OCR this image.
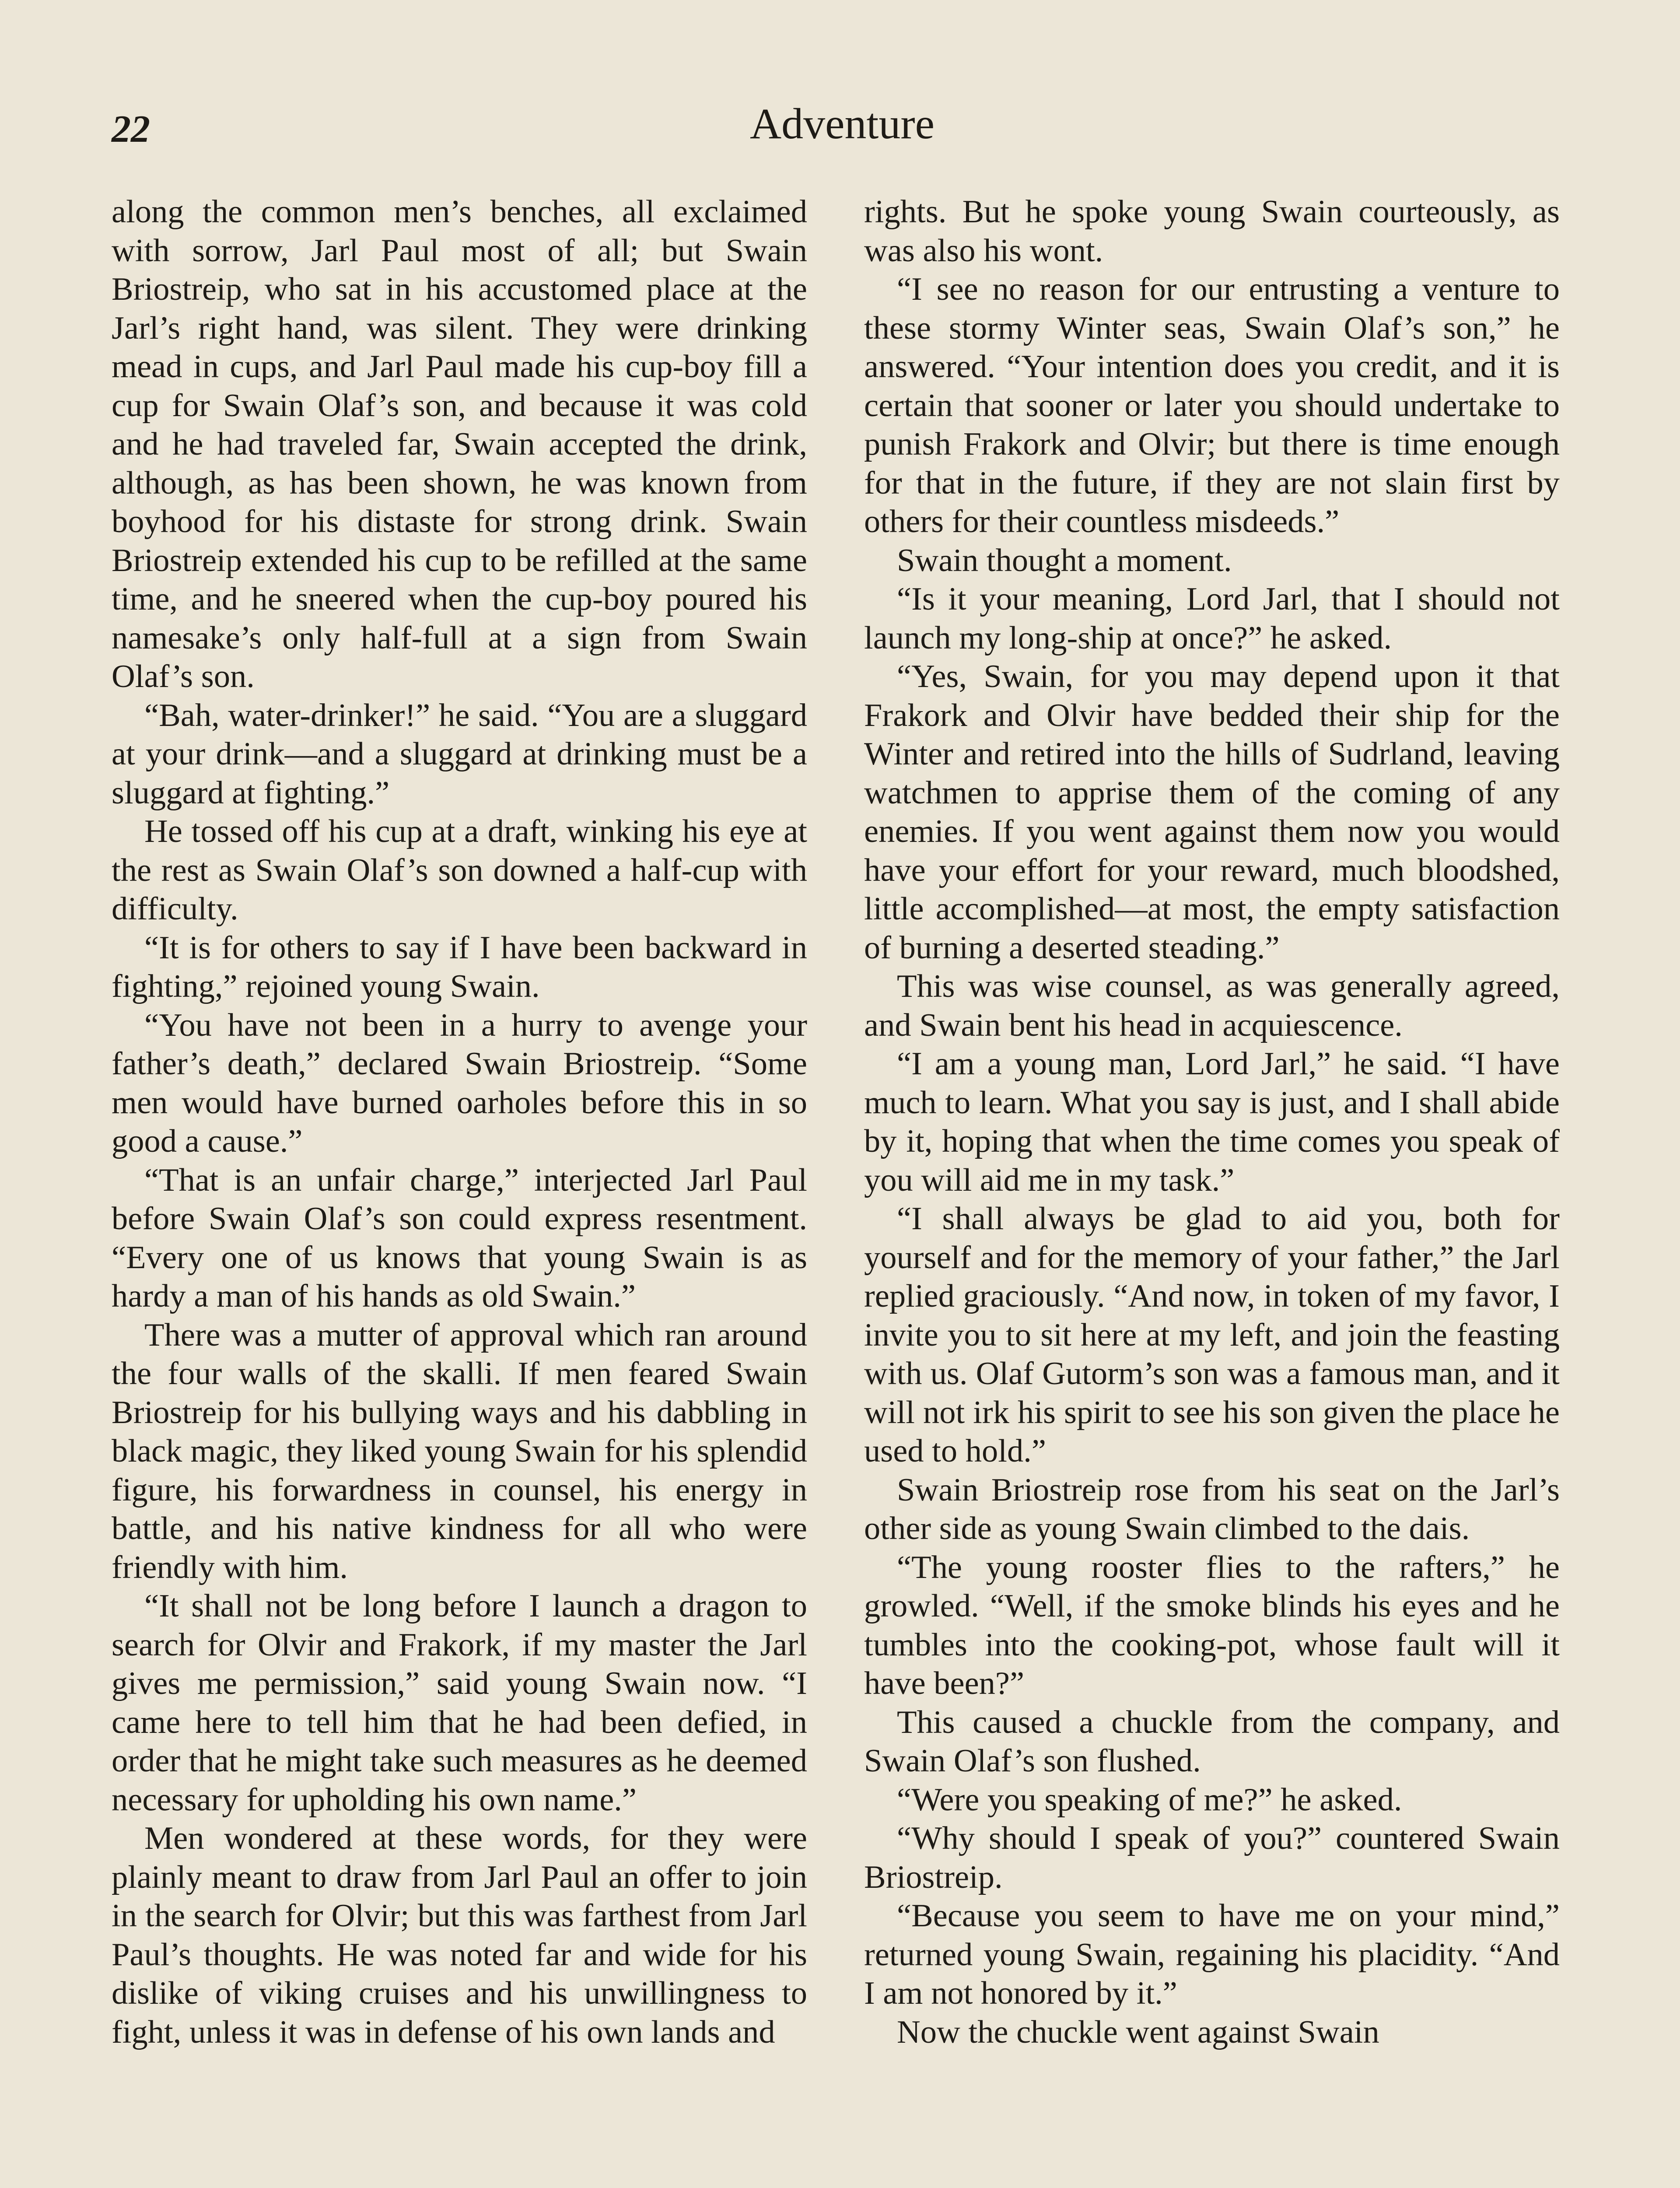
22	Adventure

along the common men’s benches, all exclaimed with sorrow, Jarl Paul most of all; but Swain Briostreip, who sat in his accustomed place at the Jarl’s right hand, was silent. They were drinking mead in cups, and Jarl Paul made his cup-boy fill a cup for Swain Olaf’s son, and because it was cold and he had traveled far, Swain accepted the drink, although, as has been shown, he was known from boyhood for his distaste for strong drink. Swain Briostreip extended his cup to be refilled at the same time, and he sneered when the cup-boy poured his namesake’s only half-full at a sign from Swain Olaf’s son.

“Bah, water-drinker!” he said. “You are a sluggard at your drink—and a sluggard at drinking must be a sluggard at fighting.”

He tossed off his cup at a draft, winking his eye at the rest as Swain Olaf’s son downed a half-cup with difficulty.

“It is for others to say if I have been backward in fighting,” rejoined young Swain.

“You have not been in a hurry to avenge your father’s death,” declared Swain Briostreip. “Some men would have burned oarholes before this in so good a cause.”

“That is an unfair charge,” interjected Jarl Paul before Swain Olaf’s son could express resentment. “Every one of us knows that young Swain is as hardy a man of his hands as old Swain.”

There was a mutter of approval which ran around the four walls of the skalli. If men feared Swain Briostreip for his bullying ways and his dabbling in black magic, they liked young Swain for his splendid figure, his forwardness in counsel, his energy in battle, and his native kindness for all who were friendly with him.

“It shall not be long before I launch a dragon to search for Olvir and Frakork, if my master the Jarl gives me permission,” said young Swain now. “I came here to tell him that he had been defied, in order that he might take such measures as he deemed necessary for upholding his own name.”

Men wondered at these words, for they were plainly meant to draw from Jarl Paul an offer to join in the search for Olvir; but this was farthest from Jarl Paul’s thoughts. He was noted far and wide for his dislike of viking cruises and his unwillingness to fight, unless it was in defense of his own lands and

rights. But he spoke young Swain courteously, as was also his wont.

“I see no reason for our entrusting a venture to these stormy Winter seas, Swain Olaf’s son,” he answered. “Your intention does you credit, and it is certain that sooner or later you should undertake to punish Frakork and Olvir; but there is time enough for that in the future, if they are not slain first by others for their countless misdeeds.”

Swain thought a moment.

“Is it your meaning, Lord Jarl, that I should not launch my long-ship at once?” he asked.

“Yes, Swain, for you may depend upon it that Frakork and Olvir have bedded their ship for the Winter and retired into the hills of Sudrland, leaving watchmen to apprise them of the coming of any enemies. If you went against them now you would have your effort for your reward, much bloodshed, little accomplished—at most, the empty satisfaction of burning a deserted steading.”

This was wise counsel, as was generally agreed, and Swain bent his head in acquiescence.

“I am a young man, Lord Jarl,” he said. “I have much to learn. What you say is just, and I shall abide by it, hoping that when the time comes you speak of you will aid me in my task.”

“I shall always be glad to aid you, both for yourself and for the memory of your father,” the Jarl replied graciously. “And now, in token of my favor, I invite you to sit here at my left, and join the feasting with us. Olaf Gutorm’s son was a famous man, and it will not irk his spirit to see his son given the place he used to hold.”

Swain Briostreip rose from his seat on the Jarl’s other side as young Swain climbed to the dais.

“The young rooster flies to the rafters,” he growled. “Well, if the smoke blinds his eyes and he tumbles into the cooking-pot, whose fault will it have been?”

This caused a chuckle from the company, and Swain Olaf’s son flushed.

“Were you speaking of me?” he asked.

“Why should I speak of you?” countered Swain Briostreip.

“Because you seem to have me on your mind,” returned young Swain, regaining his placidity. “And I am not honored by it.”

Now the chuckle went against Swain
